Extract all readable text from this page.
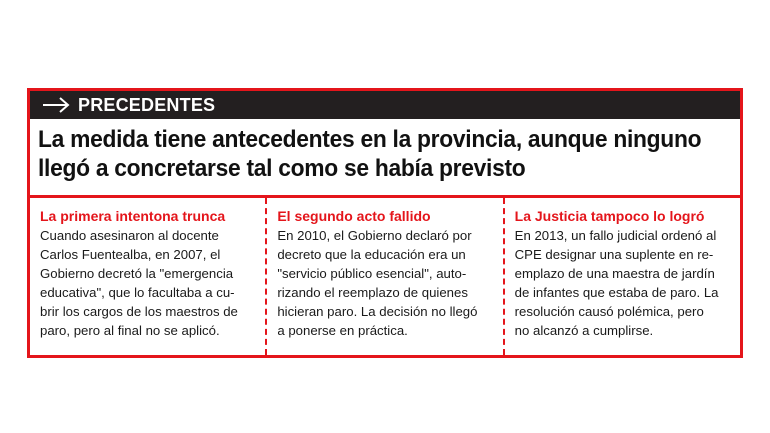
PRECEDENTES
La medida tiene antecedentes en la provincia, aunque ninguno
llegó a concretarse tal como se había previsto

La primera intentona trunca

Cuando asesinaron al docente
Carlos Fuentealba, en 2007, el
Gobierno decretó la "emergencia
educativa", que lo facultaba a cu-
brir los cargos de los maestros de
paro, pero al final no se aplicó.

El segundo acto fallido

En 2010, el Gobierno declaró por
decreto que la educación era un
"servicio público esencial", auto-
rizando el reemplazo de quienes
hicieran paro. La decisión no llegó
a ponerse en práctica.

La Justicia tampoco lo logró

En 2013, un fallo judicial ordenó al
CPE designar una suplente en re-
emplazo de una maestra de jardín
de infantes que estaba de paro. La
resolución causó polémica, pero
no alcanzó a cumplirse.
